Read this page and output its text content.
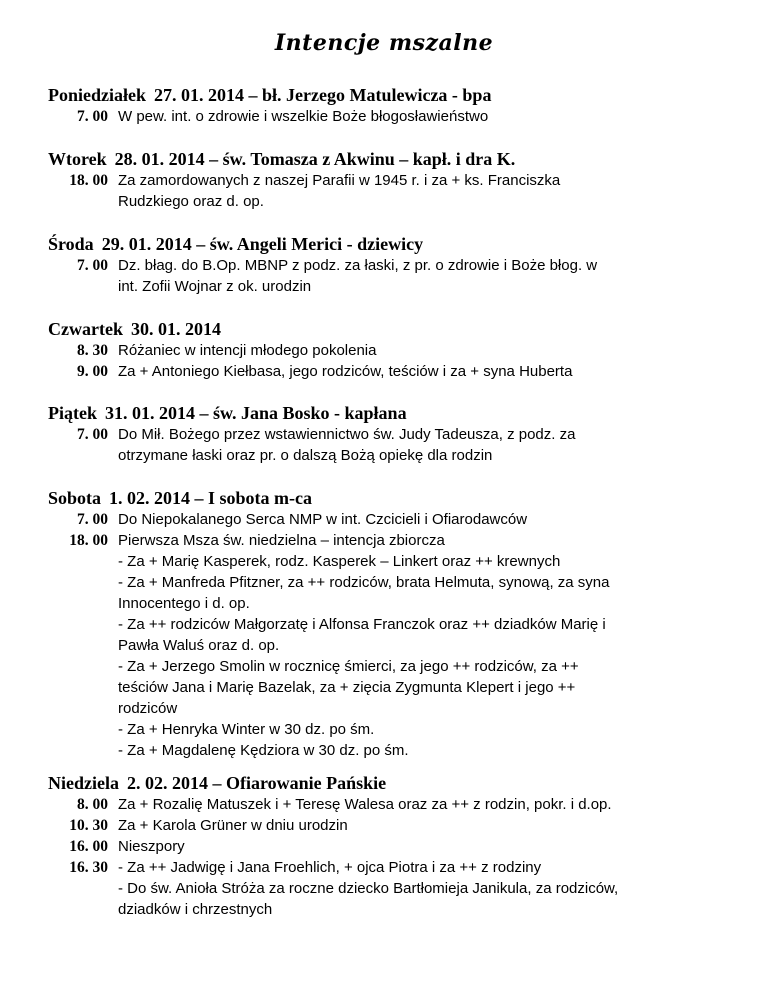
Intencje mszalne
Poniedziałek 27. 01. 2014 – bł. Jerzego Matulewicza - bpa
7. 00 W pew. int. o zdrowie i wszelkie Boże błogosławieństwo
Wtorek 28. 01. 2014 – św. Tomasza z Akwinu – kapł. i dra K.
18. 00 Za zamordowanych z naszej Parafii w 1945 r. i za + ks. Franciszka
Rudzkiego oraz d. op.
Środa 29. 01. 2014 – św. Angeli Merici - dziewicy
7. 00 Dz. błag. do B.Op. MBNP z podz. za łaski, z pr. o zdrowie i Boże błog. w
int. Zofii Wojnar z ok. urodzin
Czwartek 30. 01. 2014
8. 30 Różaniec w intencji młodego pokolenia
9. 00 Za + Antoniego Kiełbasa, jego rodziców, teściów i za + syna Huberta
Piątek 31. 01. 2014 – św. Jana Bosko - kapłana
7. 00 Do Mił. Bożego przez wstawiennictwo św. Judy Tadeusza, z podz. za
otrzymane łaski oraz pr. o dalszą Bożą opiekę dla rodzin
Sobota 1. 02. 2014 – I sobota m-ca
7. 00 Do Niepokalanego Serca NMP w int. Czcicieli i Ofiarodawców
18. 00 Pierwsza Msza św. niedzielna – intencja zbiorcza
- Za + Marię Kasperek, rodz. Kasperek – Linkert oraz ++ krewnych
- Za + Manfreda Pfitzner, za ++ rodziców, brata Helmuta, synową, za syna
Innocentego i d. op.
- Za ++ rodziców Małgorzatę i Alfonsa Franczok oraz ++ dziadków Marię i
Pawła Waluś oraz d. op.
- Za + Jerzego Smolin w rocznicę śmierci, za jego ++ rodziców, za ++
teściów Jana i Marię Bazelak, za + zięcia Zygmunta Klepert i jego ++
rodziców
- Za + Henryka Winter w 30 dz. po śm.
- Za + Magdalenę Kędziora w 30 dz. po śm.
Niedziela 2. 02. 2014 – Ofiarowanie Pańskie
8. 00 Za + Rozalię Matuszek i + Teresę Walesa oraz za ++ z rodzin, pokr. i d.op.
10. 30 Za + Karola Grüner w dniu urodzin
16. 00 Nieszpory
16. 30 - Za ++ Jadwigę i Jana Froehlich, + ojca Piotra i za ++ z rodziny
- Do św. Anioła Stróża za roczne dziecko Bartłomieja Janikula, za rodziców,
dziadków i chrzestnych
